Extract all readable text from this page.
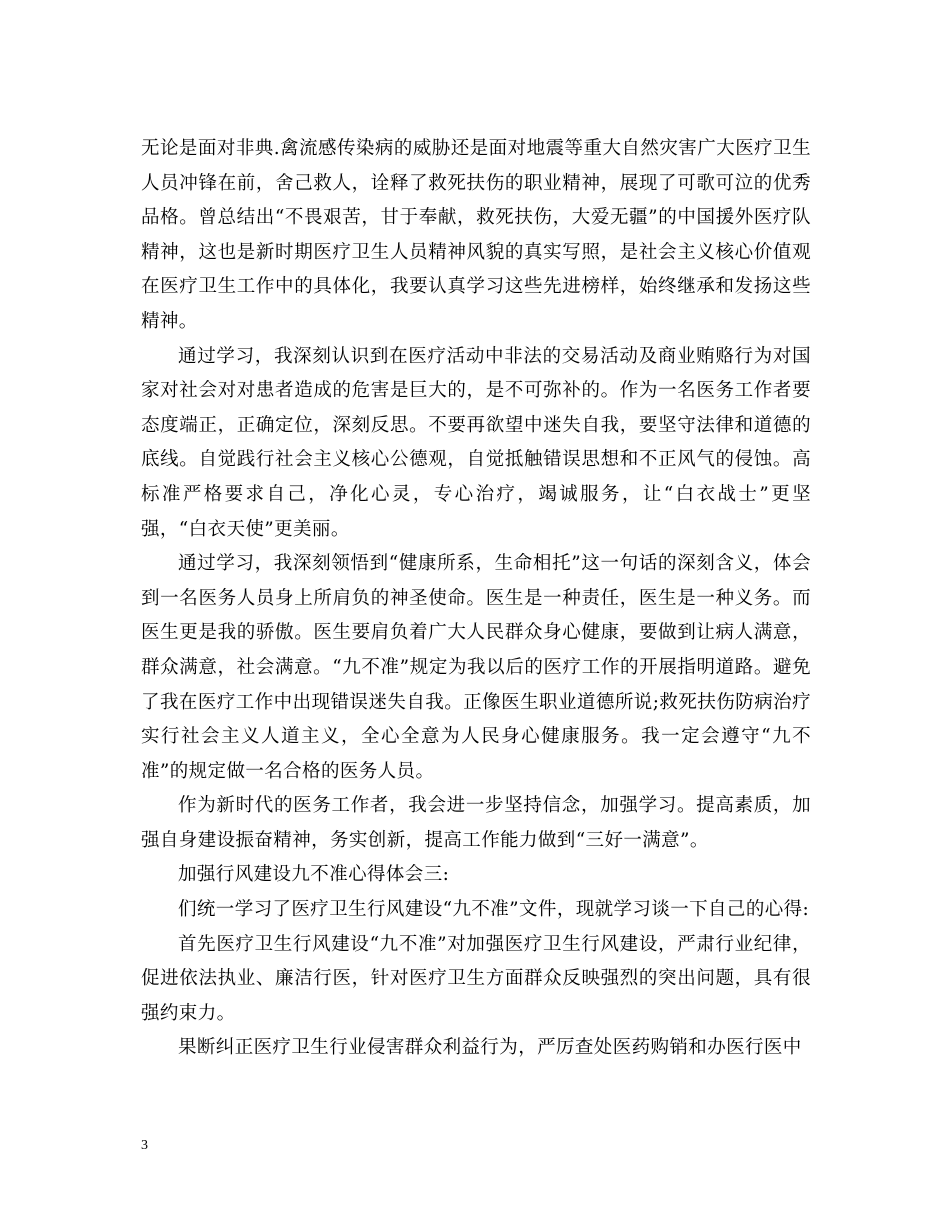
无论是面对非典.禽流感传染病的威胁还是面对地震等重大自然灾害广大医疗卫生人员冲锋在前，舍己救人，诠释了救死扶伤的职业精神，展现了可歌可泣的优秀品格。曾总结出“不畏艰苦，甘于奉献，救死扶伤，大爱无疆”的中国援外医疗队精神，这也是新时期医疗卫生人员精神风貌的真实写照，是社会主义核心价值观在医疗卫生工作中的具体化，我要认真学习这些先进榜样，始终继承和发扬这些精神。

通过学习，我深刻认识到在医疗活动中非法的交易活动及商业贿赂行为对国家对社会对对患者造成的危害是巨大的，是不可弥补的。作为一名医务工作者要态度端正，正确定位，深刻反思。不要再欲望中迷失自我，要坚守法律和道德的底线。自觉践行社会主义核心公德观，自觉抵触错误思想和不正风气的侵蚀。高标准严格要求自己，净化心灵，专心治疗，竭诚服务，让“白衣战士”更坚强，“白衣天使”更美丽。

通过学习，我深刻领悟到“健康所系，生命相托”这一句话的深刻含义，体会到一名医务人员身上所肩负的神圣使命。医生是一种责任，医生是一种义务。而医生更是我的骄傲。医生要肩负着广大人民群众身心健康，要做到让病人满意，群众满意，社会满意。“九不准”规定为我以后的医疗工作的开展指明道路。避免了我在医疗工作中出现错误迷失自我。正像医生职业道德所说;救死扶伤防病治疗实行社会主义人道主义，全心全意为人民身心健康服务。我一定会遵守“九不准”的规定做一名合格的医务人员。

作为新时代的医务工作者，我会进一步坚持信念，加强学习。提高素质，加强自身建设振奋精神，务实创新，提高工作能力做到“三好一满意”。

加强行风建设九不准心得体会三:

们统一学习了医疗卫生行风建设“九不准”文件，现就学习谈一下自己的心得:

首先医疗卫生行风建设“九不准”对加强医疗卫生行风建设，严肃行业纪律，促进依法执业、廉洁行医，针对医疗卫生方面群众反映强烈的突出问题，具有很强约束力。

果断纠正医疗卫生行业侵害群众利益行为，严厉查处医药购销和办医行医中

3
